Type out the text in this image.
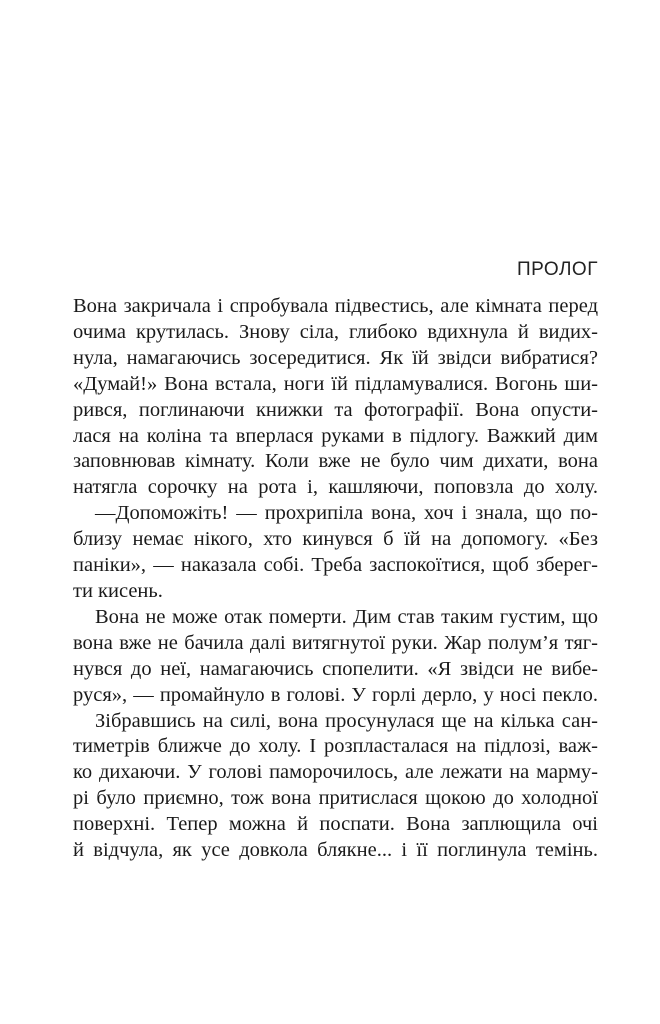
ПРОЛОГ
Вона закричала і спробувала підвестись, але кімната перед
очима крутилась. Знову сіла, глибоко вдихнула й видих-
нула, намагаючись зосередитися. Як їй звідси вибратися?
«Думай!» Вона встала, ноги їй підламувалися. Вогонь ши-
рився, поглинаючи книжки та фотографії. Вона опусти-
лася на коліна та вперлася руками в підлогу. Важкий дим
заповнював кімнату. Коли вже не було чим дихати, вона
натягла сорочку на рота і, кашляючи, поповзла до холу.
—Допоможіть! — прохрипіла вона, хоч і знала, що по-
близу немає нікого, хто кинувся б їй на допомогу. «Без
паніки», — наказала собі. Треба заспокоїтися, щоб зберег-
ти кисень.
Вона не може отак померти. Дим став таким густим, що
вона вже не бачила далі витягнутої руки. Жар полум’я тяг-
нувся до неї, намагаючись спопелити. «Я звідси не вибе-
руся», — промайнуло в голові. У горлі дерло, у носі пекло.
Зібравшись на силі, вона просунулася ще на кілька сан-
тиметрів ближче до холу. І розпласталася на підлозі, важ-
ко дихаючи. У голові паморочилось, але лежати на марму-
рі було приємно, тож вона притислася щокою до холодної
поверхні. Тепер можна й поспати. Вона заплющила очі
й відчула, як усе довкола блякне... і її поглинула темінь.
